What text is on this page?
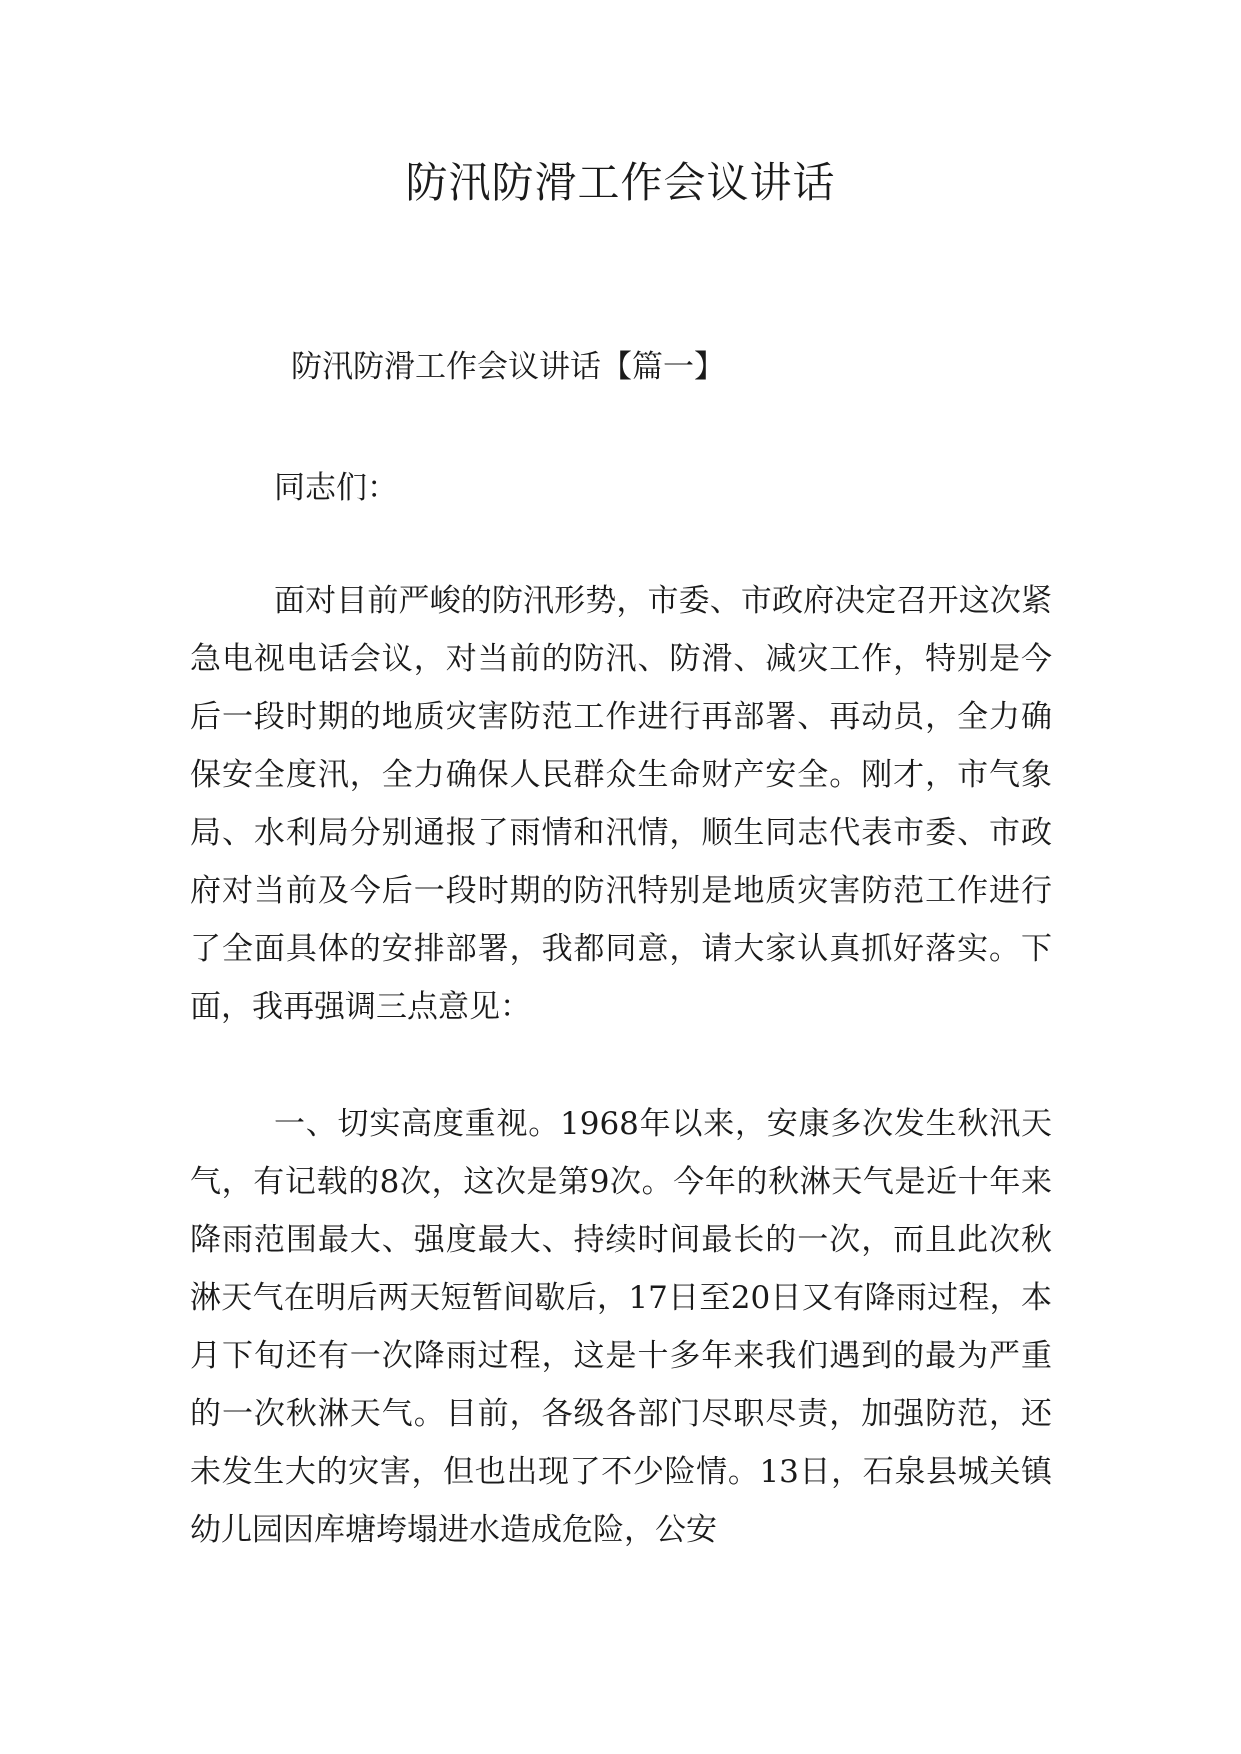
防汛防滑工作会议讲话

防汛防滑工作会议讲话【篇一】

同志们：

面对目前严峻的防汛形势，市委、市政府决定召开这次紧急电视电话会议，对当前的防汛、防滑、减灾工作，特别是今后一段时期的地质灾害防范工作进行再部署、再动员，全力确保安全度汛，全力确保人民群众生命财产安全。刚才，市气象局、水利局分别通报了雨情和汛情，顺生同志代表市委、市政府对当前及今后一段时期的防汛特别是地质灾害防范工作进行了全面具体的安排部署，我都同意，请大家认真抓好落实。下面，我再强调三点意见：

一、切实高度重视。1968年以来，安康多次发生秋汛天气，有记载的8次，这次是第9次。今年的秋淋天气是近十年来降雨范围最大、强度最大、持续时间最长的一次，而且此次秋淋天气在明后两天短暂间歇后，17日至20日又有降雨过程，本月下旬还有一次降雨过程，这是十多年来我们遇到的最为严重的一次秋淋天气。目前，各级各部门尽职尽责，加强防范，还未发生大的灾害，但也出现了不少险情。13日，石泉县城关镇幼儿园因库塘垮塌进水造成危险，公安
